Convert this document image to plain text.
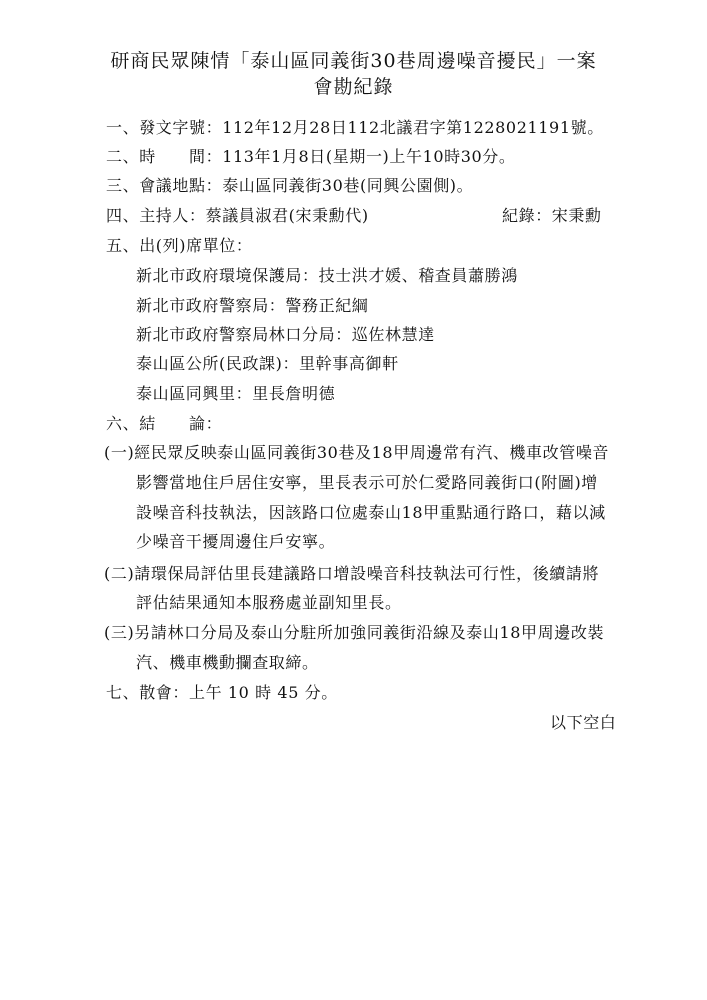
研商民眾陳情「泰山區同義街30巷周邊噪音擾民」一案
會勘紀錄
一、發文字號：112年12月28日112北議君字第1228021191號。
二、時　　間：113年1月8日(星期一)上午10時30分。
三、會議地點：泰山區同義街30巷(同興公園側)。
四、主持人：蔡議員淑君(宋秉勳代)	紀錄：宋秉勳
五、出(列)席單位：
新北市政府環境保護局：技士洪才媛、稽查員蕭勝鴻
新北市政府警察局：警務正紀綱
新北市政府警察局林口分局：巡佐林慧達
泰山區公所(民政課)：里幹事高御軒
泰山區同興里：里長詹明德
六、結　　論：
(一)經民眾反映泰山區同義街30巷及18甲周邊常有汽、機車改管噪音
影響當地住戶居住安寧，里長表示可於仁愛路同義街口(附圖)增
設噪音科技執法，因該路口位處泰山18甲重點通行路口，藉以減
少噪音干擾周邊住戶安寧。
(二)請環保局評估里長建議路口增設噪音科技執法可行性，後續請將
評估結果通知本服務處並副知里長。
(三)另請林口分局及泰山分駐所加強同義街沿線及泰山18甲周邊改裝
汽、機車機動攔查取締。
七、散會：上午 10 時 45 分。
以下空白
